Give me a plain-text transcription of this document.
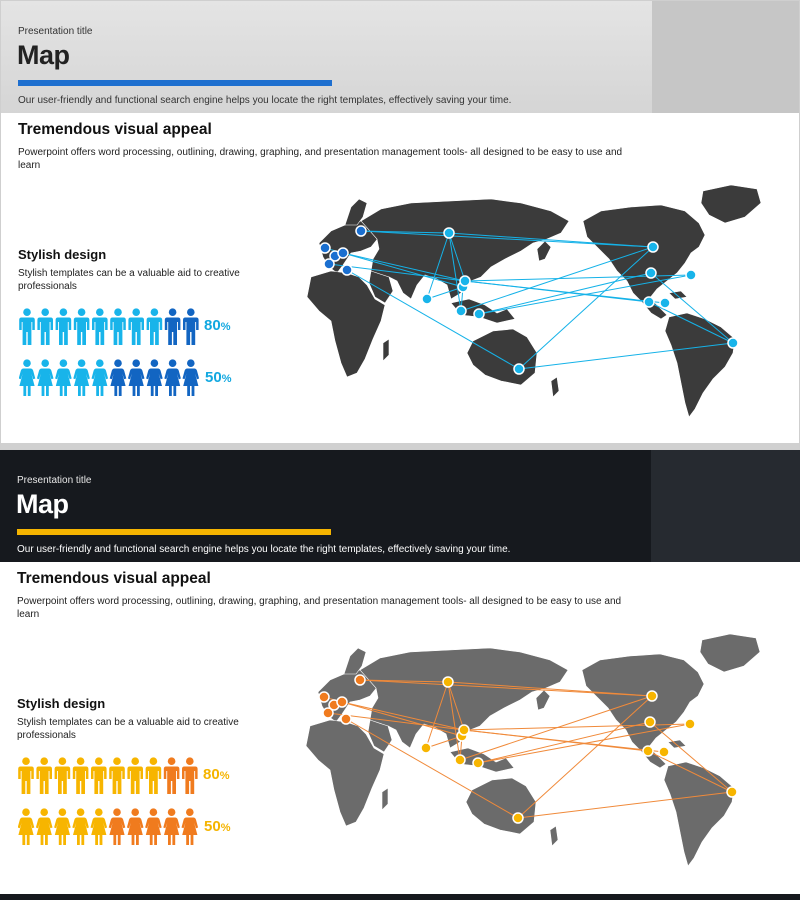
Presentation title
Map
Our user-friendly and functional search engine helps you locate the right templates, effectively saving your time.
Tremendous visual appeal
Powerpoint offers word processing, outlining, drawing, graphing, and presentation management tools- all designed to be easy to use and learn
Stylish design
Stylish templates can be a valuable aid to creative professionals
80%
50%
Presentation title
Map
Our user-friendly and functional search engine helps you locate the right templates, effectively saving your time.
Tremendous visual appeal
Powerpoint offers word processing, outlining, drawing, graphing, and presentation management tools- all designed to be easy to use and learn
Stylish design
Stylish templates can be a valuable aid to creative professionals
80%
50%
